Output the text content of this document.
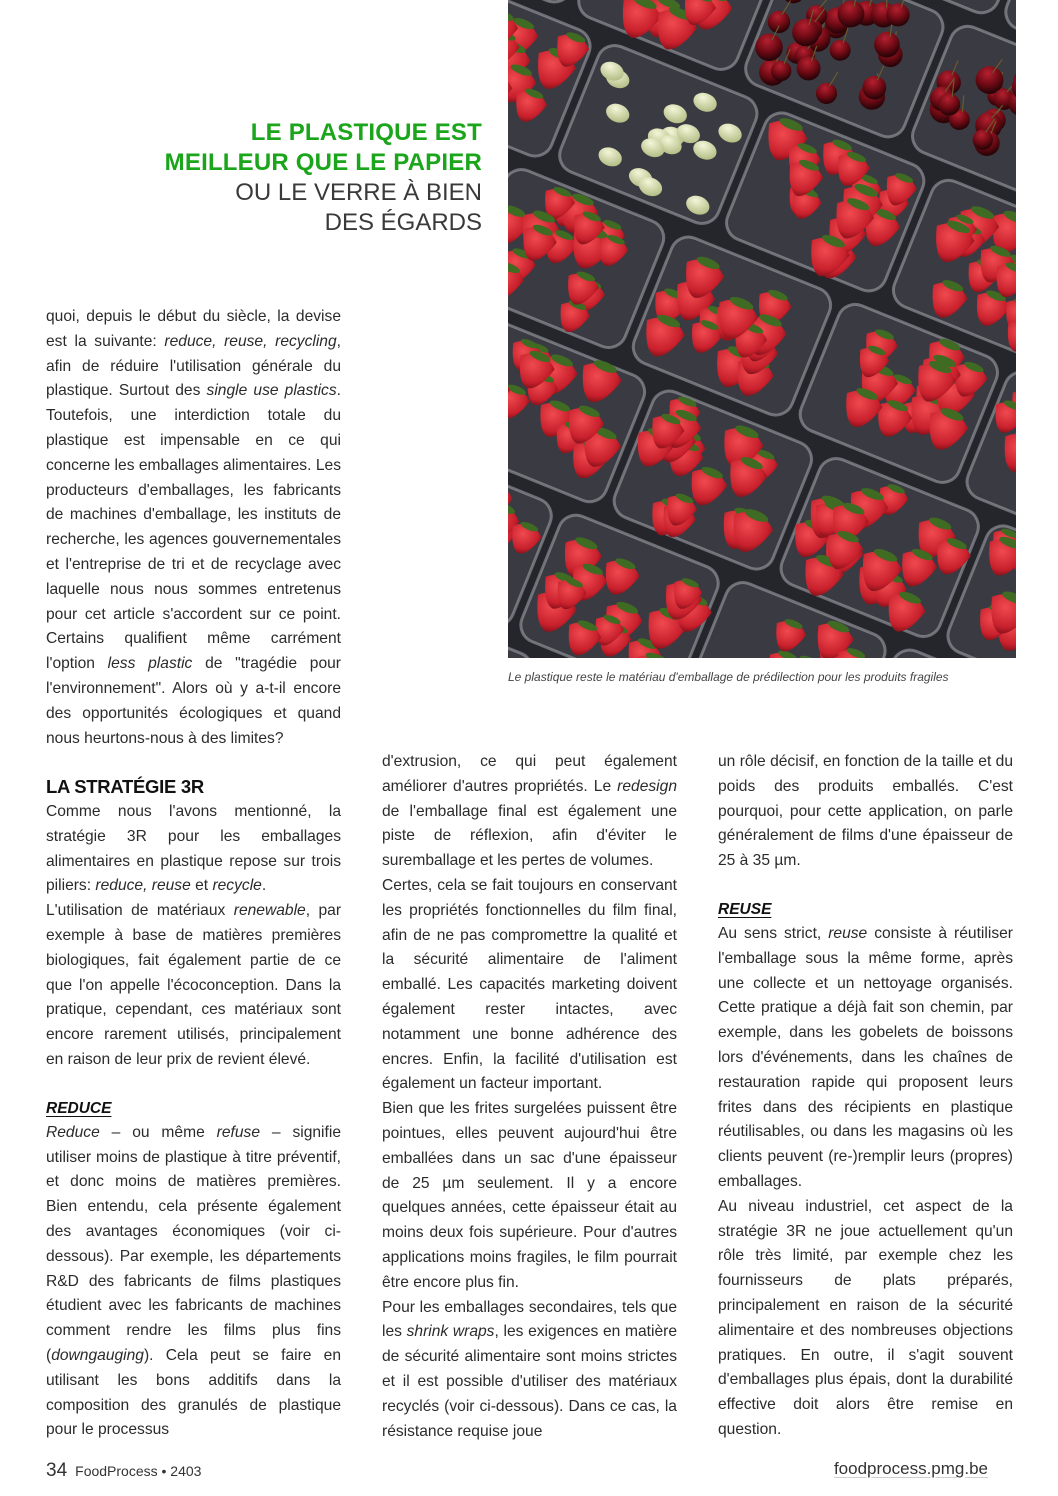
LE PLASTIQUE EST

MEILLEUR QUE LE PAPIER

OU LE VERRE À BIEN

DES ÉGARDS

Le plastique reste le matériau d'emballage de prédilection pour les produits fragiles

quoi, depuis le début du siècle, la devise est la suivante: reduce, reuse, recycling, afin de réduire l'utilisation générale du plastique. Surtout des single use plastics. Toutefois, une interdiction totale du plastique est impensable en ce qui concerne les emballages alimentaires. Les producteurs d'emballages, les fabricants de machines d'emballage, les instituts de recherche, les agences gouvernementales et l'entreprise de tri et de recyclage avec laquelle nous nous sommes entretenus pour cet article s'accordent sur ce point. Certains qualifient même carrément l'option less plastic de "tragédie pour l'environnement". Alors où y a-t-il encore des opportunités écologiques et quand nous heurtons-nous à des limites?

LA STRATÉGIE 3R

Comme nous l'avons mentionné, la stratégie 3R pour les emballages alimentaires en plastique repose sur trois piliers: reduce, reuse et recycle.

L'utilisation de matériaux renewable, par exemple à base de matières premières biologiques, fait également partie de ce que l'on appelle l'écoconception. Dans la pratique, cependant, ces matériaux sont encore rarement utilisés, principalement en raison de leur prix de revient élevé.

REDUCE

Reduce – ou même refuse – signifie utiliser moins de plastique à titre préventif, et donc moins de matières premières. Bien entendu, cela présente également des avantages économiques (voir ci-dessous). Par exemple, les départements R&D des fabricants de films plastiques étudient avec les fabricants de machines comment rendre les films plus fins (downgauging). Cela peut se faire en utilisant les bons additifs dans la composition des granulés de plastique pour le processus

d'extrusion, ce qui peut également améliorer d'autres propriétés. Le redesign de l'emballage final est également une piste de réflexion, afin d'éviter le suremballage et les pertes de volumes.

Certes, cela se fait toujours en conservant les propriétés fonctionnelles du film final, afin de ne pas compromettre la qualité et la sécurité alimentaire de l'aliment emballé. Les capacités marketing doivent également rester intactes, avec notamment une bonne adhérence des encres. Enfin, la facilité d'utilisation est également un facteur important.

Bien que les frites surgelées puissent être pointues, elles peuvent aujourd'hui être emballées dans un sac d'une épaisseur de 25 µm seulement. Il y a encore quelques années, cette épaisseur était au moins deux fois supérieure. Pour d'autres applications moins fragiles, le film pourrait être encore plus fin.

Pour les emballages secondaires, tels que les shrink wraps, les exigences en matière de sécurité alimentaire sont moins strictes et il est possible d'utiliser des matériaux recyclés (voir ci-dessous). Dans ce cas, la résistance requise joue

un rôle décisif, en fonction de la taille et du poids des produits emballés. C'est pourquoi, pour cette application, on parle généralement de films d'une épaisseur de 25 à 35 µm.

REUSE

Au sens strict, reuse consiste à réutiliser l'emballage sous la même forme, après une collecte et un nettoyage organisés. Cette pratique a déjà fait son chemin, par exemple, dans les gobelets de boissons lors d'événements, dans les chaînes de restauration rapide qui proposent leurs frites dans des récipients en plastique réutilisables, ou dans les magasins où les clients peuvent (re-)remplir leurs (propres) emballages.

Au niveau industriel, cet aspect de la stratégie 3R ne joue actuellement qu'un rôle très limité, par exemple chez les fournisseurs de plats préparés, principalement en raison de la sécurité alimentaire et des nombreuses objections pratiques. En outre, il s'agit souvent d'emballages plus épais, dont la durabilité effective doit alors être remise en question.

34 FoodProcess • 2403	foodprocess.pmg.be
